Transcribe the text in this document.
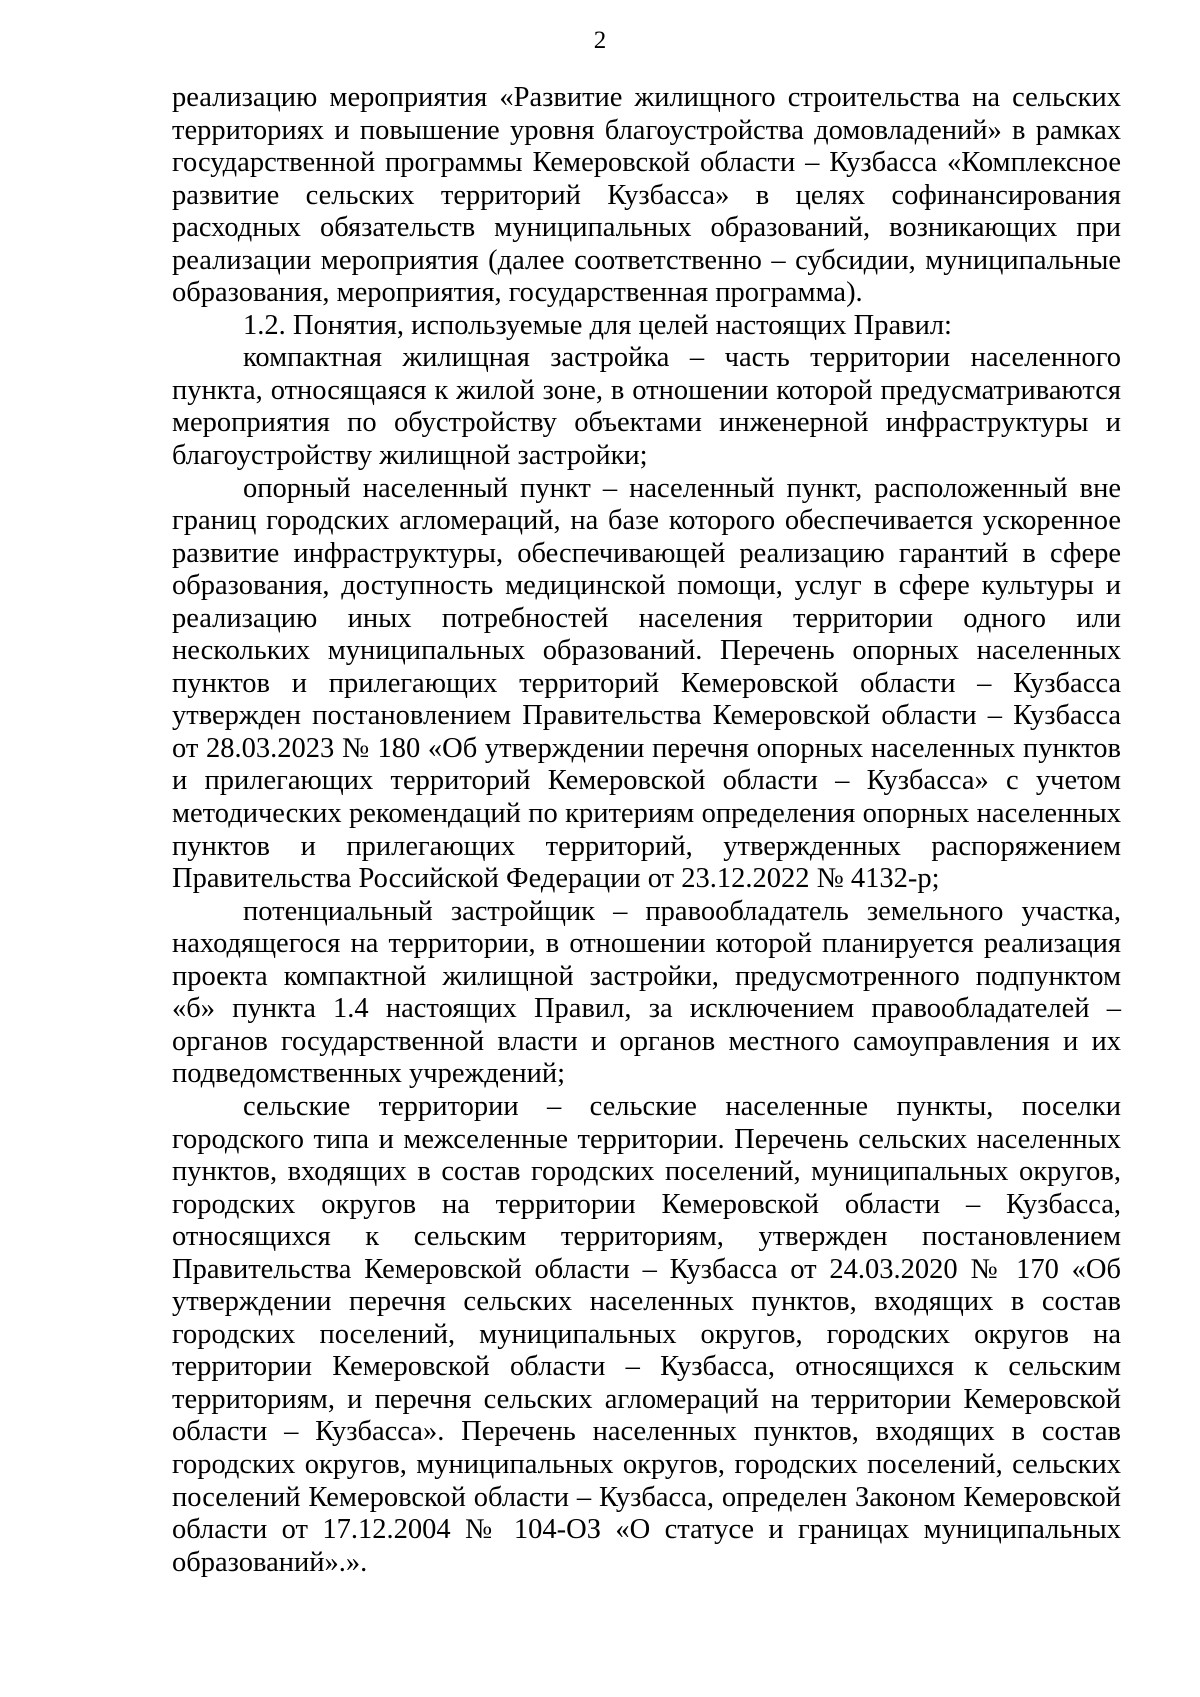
2

реализацию мероприятия «Развитие жилищного строительства на сельских территориях и повышение уровня благоустройства домовладений» в рамках государственной программы Кемеровской области – Кузбасса «Комплексное развитие сельских территорий Кузбасса» в целях софинансирования расходных обязательств муниципальных образований, возникающих при реализации мероприятия (далее соответственно – субсидии, муниципальные образования, мероприятия, государственная программа).

1.2. Понятия, используемые для целей настоящих Правил:

компактная жилищная застройка – часть территории населенного пункта, относящаяся к жилой зоне, в отношении которой предусматриваются мероприятия по обустройству объектами инженерной инфраструктуры и благоустройству жилищной застройки;

опорный населенный пункт – населенный пункт, расположенный вне границ городских агломераций, на базе которого обеспечивается ускоренное развитие инфраструктуры, обеспечивающей реализацию гарантий в сфере образования, доступность медицинской помощи, услуг в сфере культуры и реализацию иных потребностей населения территории одного или нескольких муниципальных образований. Перечень опорных населенных пунктов и прилегающих территорий Кемеровской области – Кузбасса утвержден постановлением Правительства Кемеровской области – Кузбасса от 28.03.2023 № 180 «Об утверждении перечня опорных населенных пунктов и прилегающих территорий Кемеровской области – Кузбасса» с учетом методических рекомендаций по критериям определения опорных населенных пунктов и прилегающих территорий, утвержденных распоряжением Правительства Российской Федерации от 23.12.2022 № 4132-р;

потенциальный застройщик – правообладатель земельного участка, находящегося на территории, в отношении которой планируется реализация проекта компактной жилищной застройки, предусмотренного подпунктом «б» пункта 1.4 настоящих Правил, за исключением правообладателей – органов государственной власти и органов местного самоуправления и их подведомственных учреждений;

сельские территории – сельские населенные пункты, поселки городского типа и межселенные территории. Перечень сельских населенных пунктов, входящих в состав городских поселений, муниципальных округов, городских округов на территории Кемеровской области – Кузбасса, относящихся к сельским территориям, утвержден постановлением Правительства Кемеровской области – Кузбасса от 24.03.2020 № 170 «Об утверждении перечня сельских населенных пунктов, входящих в состав городских поселений, муниципальных округов, городских округов на территории Кемеровской области – Кузбасса, относящихся к сельским территориям, и перечня сельских агломераций на территории Кемеровской области – Кузбасса». Перечень населенных пунктов, входящих в состав городских округов, муниципальных округов, городских поселений, сельских поселений Кемеровской области – Кузбасса, определен Законом Кемеровской области от 17.12.2004 № 104-ОЗ «О статусе и границах муниципальных образований».».
